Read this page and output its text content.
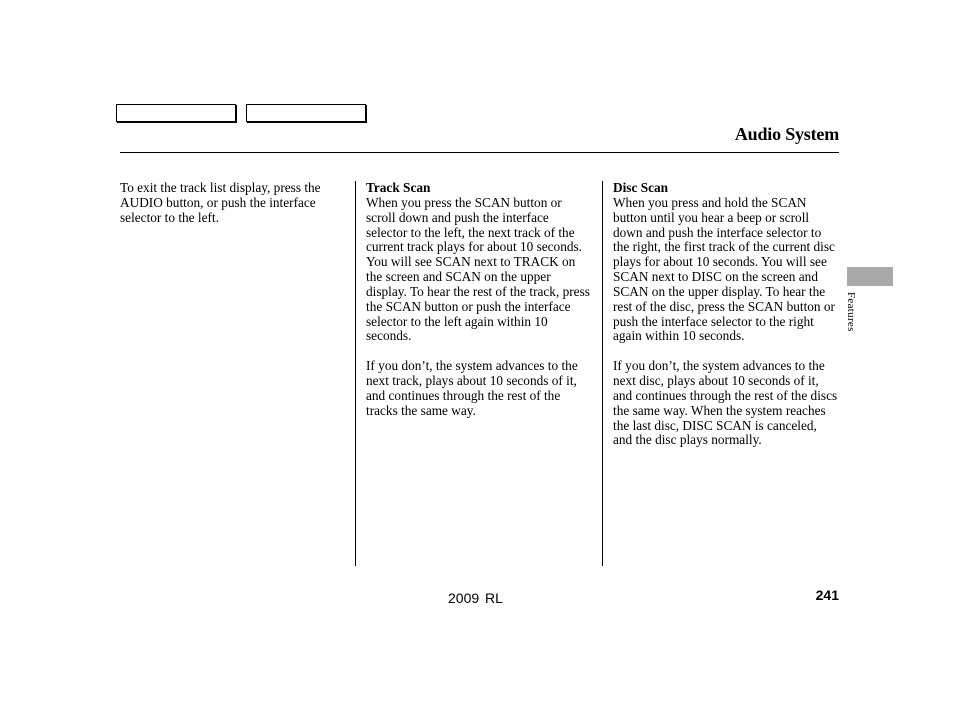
Audio System

To exit the track list display, press the AUDIO button, or push the interface selector to the left.

Track Scan
When you press the SCAN button or scroll down and push the interface selector to the left, the next track of the current track plays for about 10 seconds. You will see SCAN next to TRACK on the screen and SCAN on the upper display. To hear the rest of the track, press the SCAN button or push the interface selector to the left again within 10 seconds.

If you don’t, the system advances to the next track, plays about 10 seconds of it, and continues through the rest of the tracks the same way.

Disc Scan
When you press and hold the SCAN button until you hear a beep or scroll down and push the interface selector to the right, the first track of the current disc plays for about 10 seconds. You will see SCAN next to DISC on the screen and SCAN on the upper display. To hear the rest of the disc, press the SCAN button or push the interface selector to the right again within 10 seconds.

If you don’t, the system advances to the next disc, plays about 10 seconds of it, and continues through the rest of the discs the same way. When the system reaches the last disc, DISC SCAN is canceled, and the disc plays normally.

Features
2009 RL	241
